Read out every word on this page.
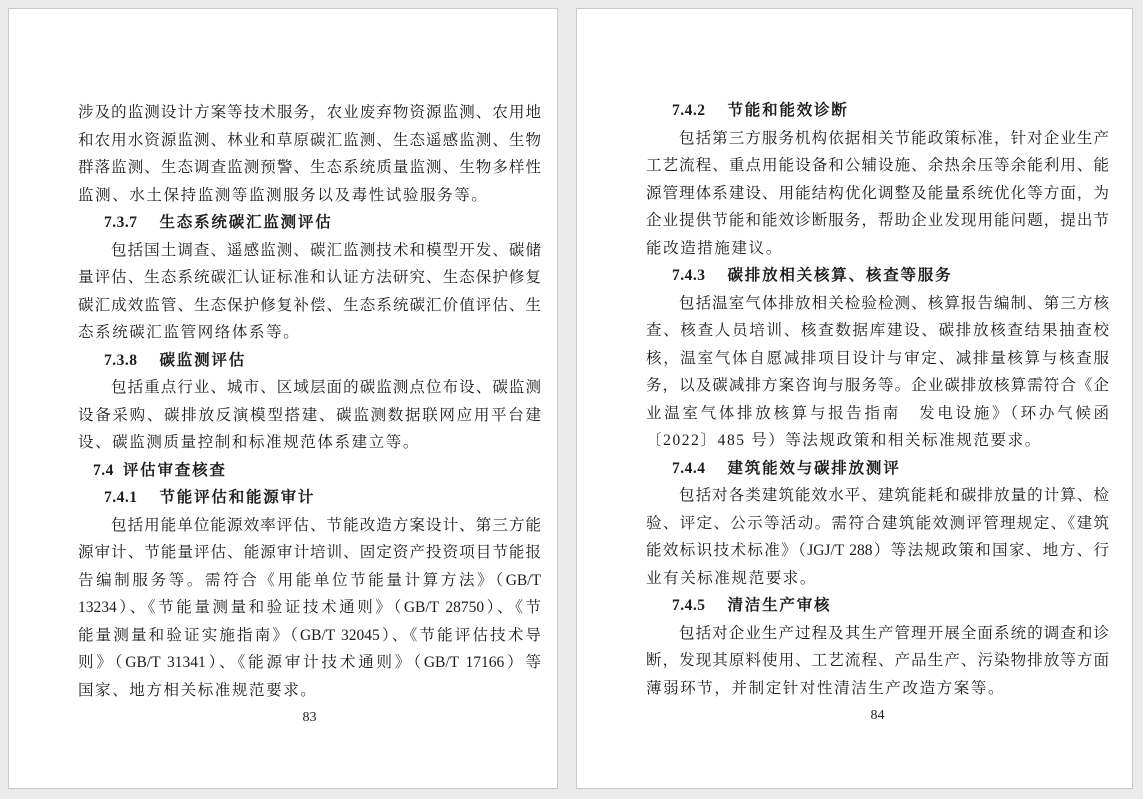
涉及的监测设计方案等技术服务，农业废弃物资源监测、农用地
和农用水资源监测、林业和草原碳汇监测、生态遥感监测、生物
群落监测、生态调查监测预警、生态系统质量监测、生物多样性
监测、水土保持监测等监测服务以及毒性试验服务等。
7.3.7 生态系统碳汇监测评估
包括国土调查、遥感监测、碳汇监测技术和模型开发、碳储
量评估、生态系统碳汇认证标准和认证方法研究、生态保护修复
碳汇成效监管、生态保护修复补偿、生态系统碳汇价值评估、生
态系统碳汇监管网络体系等。
7.3.8 碳监测评估
包括重点行业、城市、区域层面的碳监测点位布设、碳监测
设备采购、碳排放反演模型搭建、碳监测数据联网应用平台建
设、碳监测质量控制和标准规范体系建立等。
7.4 评估审查核查
7.4.1 节能评估和能源审计
包括用能单位能源效率评估、节能改造方案设计、第三方能
源审计、节能量评估、能源审计培训、固定资产投资项目节能报
告编制服务等。需符合《用能单位节能量计算方法》（GB/T
13234）、《节能量测量和验证技术通则》（GB/T 28750）、《节
能量测量和验证实施指南》（GB/T 32045）、《节能评估技术导
则》（GB/T 31341）、《能源审计技术通则》（GB/T 17166）等
国家、地方相关标准规范要求。
83
7.4.2 节能和能效诊断
包括第三方服务机构依据相关节能政策标准，针对企业生产
工艺流程、重点用能设备和公辅设施、余热余压等余能利用、能
源管理体系建设、用能结构优化调整及能量系统优化等方面，为
企业提供节能和能效诊断服务，帮助企业发现用能问题，提出节
能改造措施建议。
7.4.3 碳排放相关核算、核查等服务
包括温室气体排放相关检验检测、核算报告编制、第三方核
查、核查人员培训、核查数据库建设、碳排放核查结果抽查校
核，温室气体自愿减排项目设计与审定、减排量核算与核查服
务，以及碳减排方案咨询与服务等。企业碳排放核算需符合《企
业温室气体排放核算与报告指南　发电设施》（环办气候函
〔2022〕485 号）等法规政策和相关标准规范要求。
7.4.4 建筑能效与碳排放测评
包括对各类建筑能效水平、建筑能耗和碳排放量的计算、检
验、评定、公示等活动。需符合建筑能效测评管理规定、《建筑
能效标识技术标准》（JGJ/T 288）等法规政策和国家、地方、行
业有关标准规范要求。
7.4.5 清洁生产审核
包括对企业生产过程及其生产管理开展全面系统的调查和诊
断，发现其原料使用、工艺流程、产品生产、污染物排放等方面
薄弱环节，并制定针对性清洁生产改造方案等。
84
